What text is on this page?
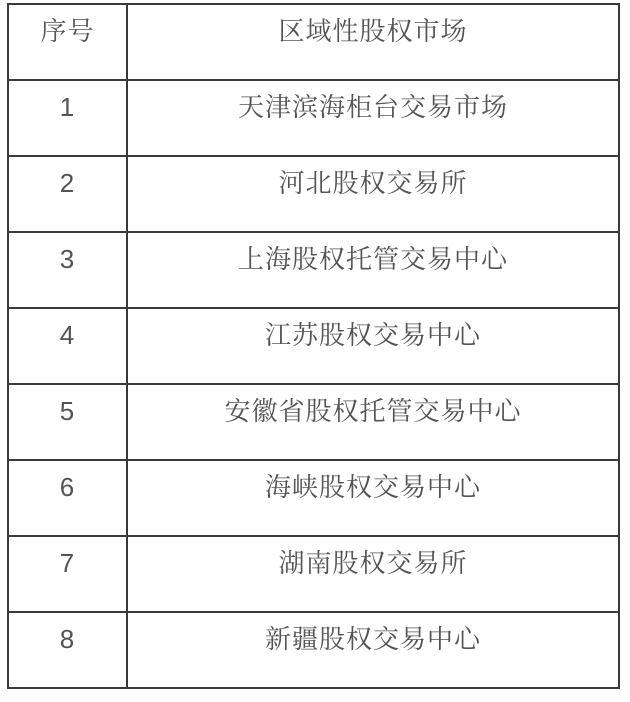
序号	区域性股权市场
1	天津滨海柜台交易市场
2	河北股权交易所
3	上海股权托管交易中心
4	江苏股权交易中心
5	安徽省股权托管交易中心
6	海峡股权交易中心
7	湖南股权交易所
8	新疆股权交易中心
